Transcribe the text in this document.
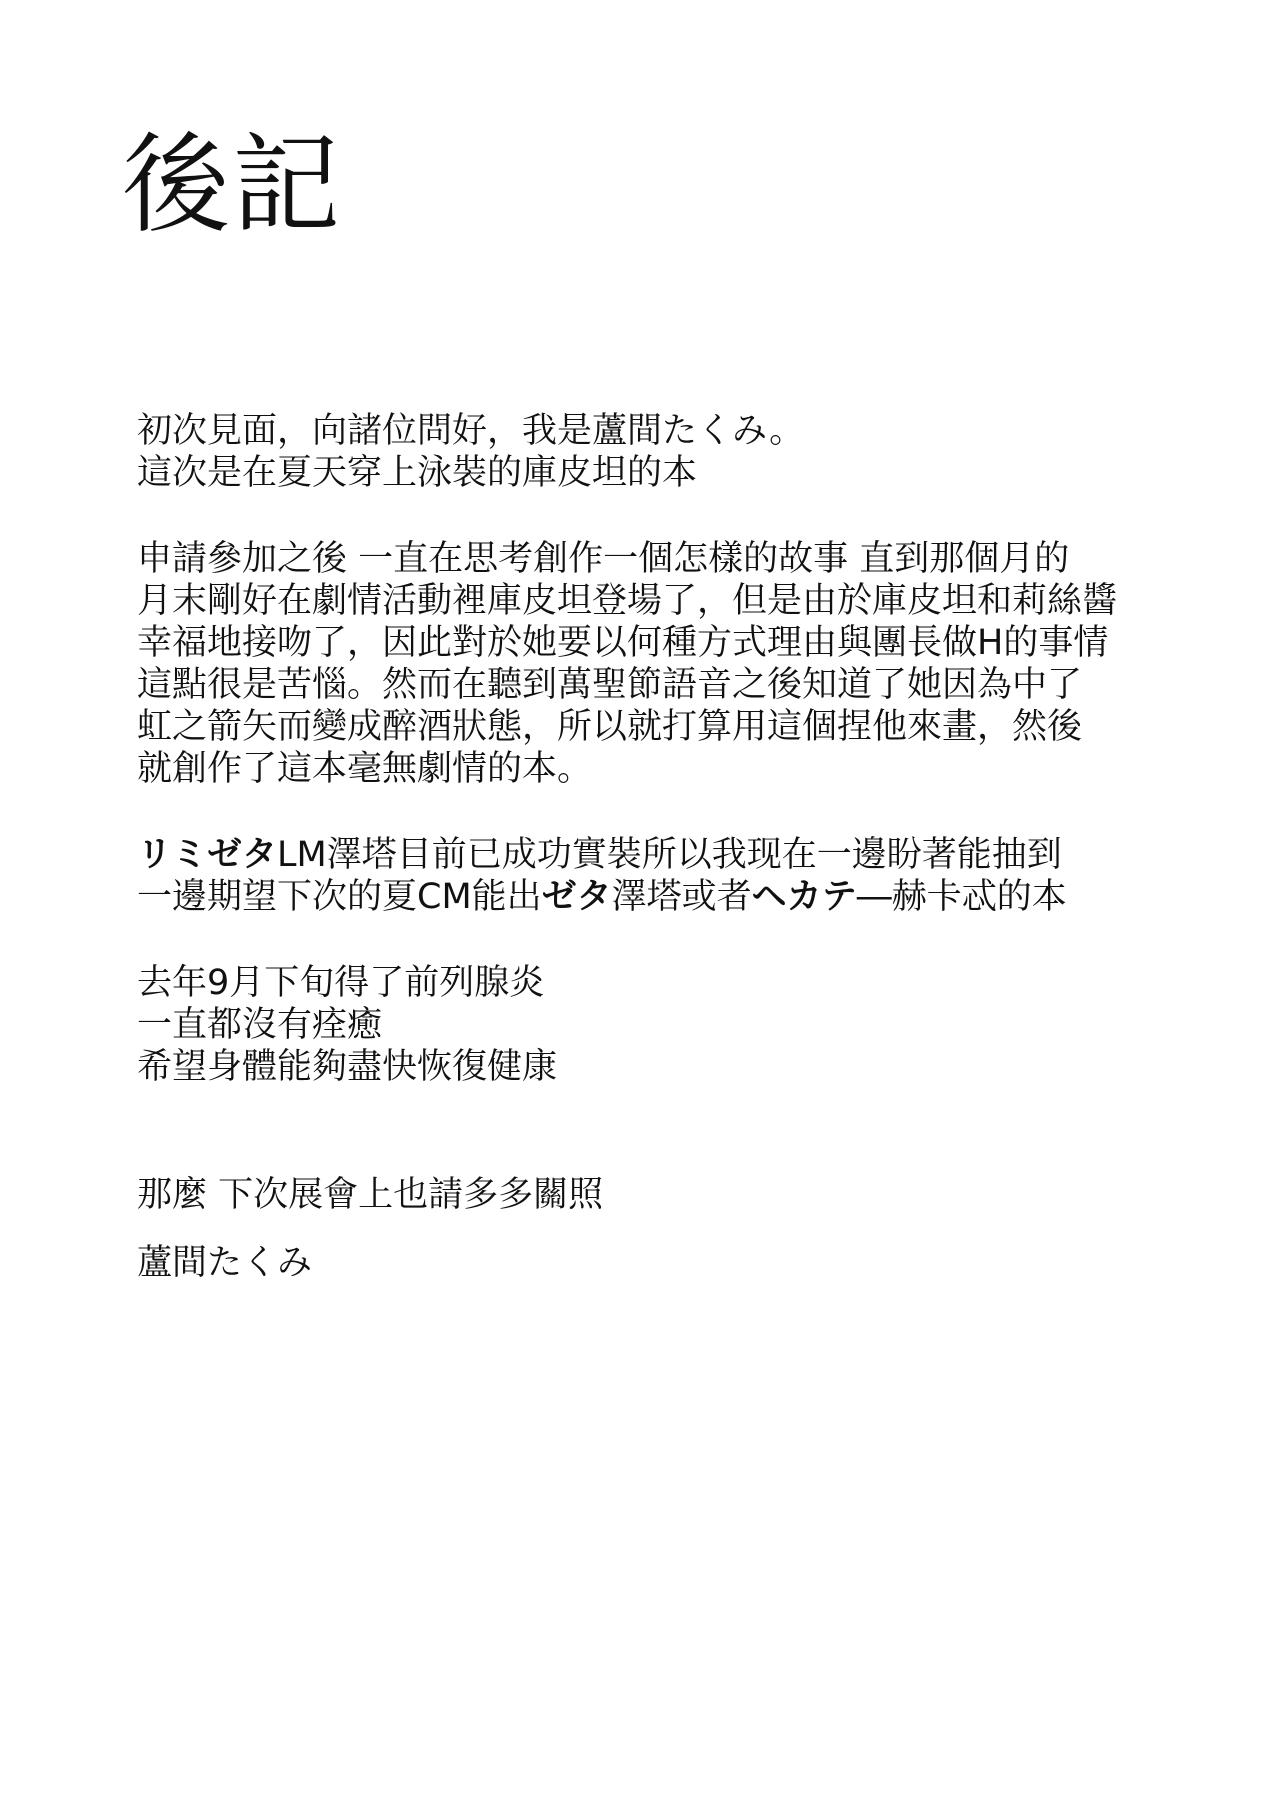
後記

初次見面，向諸位問好，我是蘆間たくみ。
這次是在夏天穿上泳裝的庫皮坦的本

申請參加之後 一直在思考創作一個怎樣的故事 直到那個月的
月末剛好在劇情活動裡庫皮坦登場了，但是由於庫皮坦和莉絲醬
幸福地接吻了，因此對於她要以何種方式理由與團長做H的事情
這點很是苦惱。然而在聽到萬聖節語音之後知道了她因為中了
虹之箭矢而變成醉酒狀態，所以就打算用這個捏他來畫，然後
就創作了這本毫無劇情的本。

リミゼタLM澤塔目前已成功實裝所以我现在一邊盼著能抽到
一邊期望下次的夏CM能出ゼタ澤塔或者ヘカテ―赫卡忒的本

去年9月下旬得了前列腺炎
一直都沒有痊癒
希望身體能夠盡快恢復健康

那麼 下次展會上也請多多關照

蘆間たくみ
